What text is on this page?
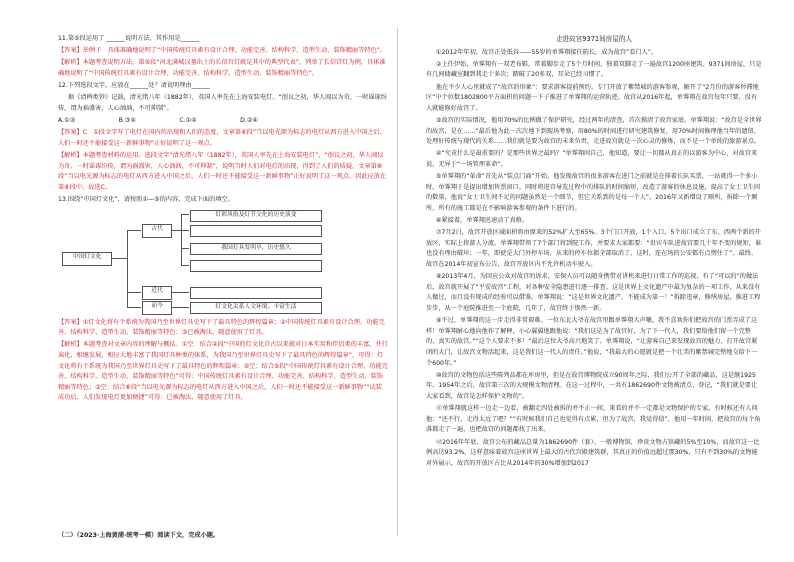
11.第⑤段运用了 ______说明方法，其作用是______

【答案】举例子　具体准确地说明了“中国传统灯具素有设计合理、功能完善、结构科学、造型生动、装饰精丽等特色”。

【解析】本题考查说明方法。第⑤段“河北满城汉墓出土的长信宫灯就是其中的典型代表”，列举了长信宫灯为例，具体准确地说明了“中国传统灯具素有设计合理、功能完善、结构科学、造型生动、装饰精丽等特色”。

12.下列选段文字，应放在______处？请说明理由______

据《清稗类钞》记载，清光绪八年（1882年），英国人率先在上海安装电灯。“创议之初，华人闻以为奇，一时谣诼纷传，谓为祸盛害，人心汹汹，不可抑制”。

A.①③	B.③④	C.①④	D.②④

【答案】C　①段文字写了电灯在国内的出现和人们的态度，文章第⑥段“当以电光源为标志的电灯从西方进入中国之后，人们一时还不能接受这一新鲜事物”正好说明了这一观点。

【解析】本题考查材料的运用。选段文字“清光绪八年（1882年），英国人率先在上海安装电灯”，“创议之初，华人闻以为奇，一时谣诼纷传，谓为祸盛害，人心汹汹，不可抑制”，说明当时人们对电灯的出现，得到了人们的质疑，文章第⑥段“当以电光源为标志的电灯从西方进入中国之后，人们一时还不能接受这一新鲜事物”正好说明了这一观点。因此应放在第⑥段中。故选C。

13.围绕“中国灯文化”，请按照①—⑤的内容，完成下面的填空。

中国灯文化
古代
近代
而今
灯彩风俗及灯节文化的历史演变
我国灯具发明早，历史悠久
灯文化关系人文环境、丰富生活

【答案】①灯文化将有个系统为我国乃至世界灯具史写下了最具特色的辉煌篇章；②中国传统灯具素有设计合理、功能完善、结构科学、造型生动、装饰精丽等特色；③已被淘汰，随意使用了灯具。

【解析】本题考查对文章内容的理解与概括。①空：结合②段“中国的灯文化自古以来就对日本实用和伴侣类的丰富，并行演化，相继发展，相应大地丰富了我国灯具种类的体系，为我国乃至世界灯具史写下了最具特色的辉煌篇章”，可得：灯文化将有个系统为我国乃至世界灯具史写下了最具特色的辉煌篇章；②空：结合⑤段“中国传统灯具素有设计合理、功能完善、结构科学、造型生动、装饰精丽等特色”可得：中国传统灯具素有设计合理、功能完善、结构科学、造型生动、装饰精丽等特色；③空：结合⑥段“当以电光源为标志的电灯从西方进入中国之后，人们一时还不能接受这一新鲜事物”“试装成功后，人们发现电灯更加便捷”可得：已被淘汰，随意使用了灯具。

（二）（2023·上海黄浦·统考一模）阅读下文，完成小题。

走进故宫9371间房屋的人

①2012年年初，故宫正处低谷——55岁的单霁翔接任院长，成为故宫“看门人”。

②上任伊始，单霁翔有一双老布鞋，常着脚步走了5个月时间，独着双脚走了一遍故宫1200座建筑、9371间房屋，只是有几间储藏室翻到我走十多次；踏破了20多双，耳朵已经习惯了。

他在不少人心里就成了“故宫的形象”：要求游客提前预约、专门开放了紫禁城的游客参观，解开了“2月份的游客停滞地区”中个位数1802800平方面积的问题一下子推进了单霁翔的运营轨迹。故宫从2016年起，单霁翔在故宫每年只要，没有人就能修好故宫了。

③故宫的实际情况，他用70%的比例做了保护研究，经过两年的清查，首次摸清了故宫家底。单霁翔说：“故宫是全世界的故宫，是在……”最后他为此一次次地下到现场考察，用80%的时间进行研究建筑修复，用70%时间修理他当年的遗留，处理好传统与现代的关系……我们就是要为故宫的未来负责，走进故宫就是一次心灵的修炼，而不是一个单纯的旅游景点。

④“究竟什么是最重要的？是那些世界之最吗？”单霁翔问自己，他知道，要让一切都从真正的以游客为中心，对故宫来说，无异于“一场管理革命”。

⑤单霁翔的“革命”首先从“装点门面”开始，他发现故宫的很多游客在进门之前就是在排着长队买票，一站就得一个多小时，单霁翔于是提出增加售票窗口。同时将进宫导览过程中的排队的时间缩短，改造了游客的休息设施，提高了女士卫生间的数量，他说“女士卫生间不足的问题虽然是一个细节，但它关系到的是每一个人”。2016年又新增设了厕所，拆除一个厕所，所有的施工都是在不影响游客参观的条件下进行的。

⑥紧接着，单霁翔迅速动了真格。

⑦7月2日，故宫开放区域面积将由原来的52%扩大至65%。3个门口开放，1个入口、5个出口成立了东、西两个新的开放区，实际上将游人分流。单霁翔带领了7个部门将到院工作，并要求大家都要：“贵宾车队进故宫要几十年不变的规矩，谁也没有理由破坏；一年，即使是大门外停车场，从来的停车位都全部取消了，这时，连在场的公安都有点愣住了”。最终，故宫在2014年初宣布公告，故宫开放区内不允许机动车驶入。

⑧2013年4月，为回应公众对故宫的诉求，安保人员可以随身携带对讲机来进行日常工作的巡视，有了“可以的”的做法后，故宫就开展了“平安故宫”工程，对各种安全隐患进行逐一排查。这是世界上文化遗产中最为复杂的一项工作，从来没有人做过，而且没有现成的经验可以借鉴。单霁翔说：“这是世界文化遗产，不能成为第一！”拆除违章，修缮房屋，推进工程步步，从一个庭院推进至一个庭院，几年了，故宫终于焕然一新。

⑨不过，单霁翔的这一步走得非常艰难。一位东北大爷在故宫里跟单霁翔大声嚷，我不喜欢你们把故宫的门票弄成了这样！单霁翔耐心地向他作了解释，小心翼翼地跟他说：“我们这是为了故宫好，为了下一代人，我们要给他们留一个完整的、真实的故宫。”“这个人要求不多！”最后这位大爷高兴地笑了。单霁翔说，“让游客自己来发现故宫的魅力，打开故宫紧闭的大门，让故宫文物活起来，这是我们这一代人的责任。”他说，“我最大的心愿就是把一个壮美的紫禁城完整地交给下一个600年。”

⑩故宫的文物包括这些陈列品都在库房里，但是在故宫博物院成立90周年之际，我们公开了全部的藏品，这是继1925年、1954年之后，故宫第三次的大规模文物清理。在这一过程中，一共有1862690件文物被清点、登记，“我们就是要让大家看到，故宫是怎样保护文物的”。

⑪单霁翔就这样一边走一边看，被翻走四处被拆的并不止一间，来看的并不一定都是文物保护的专家，有时候还有人问他：“还不行，走得太远了吧？”“有时候我们自己也觉得有点累，但为了故宫，我觉得值”，他用一年时间，把故宫的每个角落都走了一遍，也把故宫的问题都找了出来。

⑫2016年年底，故宫公布的藏品总量为1862690件（套）。一般博物馆，珍贵文物占馆藏的5%至10%，而故宫这一比例高达93.2%，这样意味着故宫这座世界上最大的古代宫殿建筑群，其真正的价值远超过那30%，只有不到30%的文物能对外展示，故宫的开放区占比从2014年的30%增加到2017
